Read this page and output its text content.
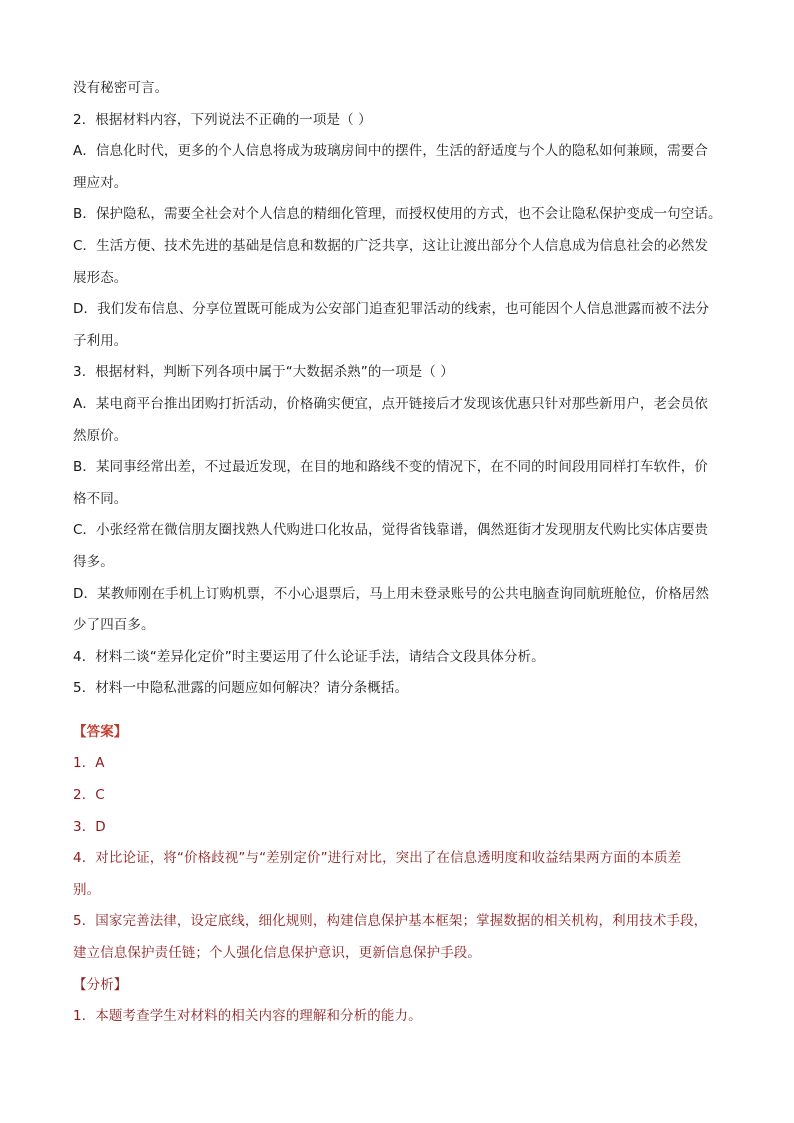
没有秘密可言。
2．根据材料内容，下列说法不正确的一项是（ ）
A．信息化时代，更多的个人信息将成为玻璃房间中的摆件，生活的舒适度与个人的隐私如何兼顾，需要合
理应对。
B．保护隐私，需要全社会对个人信息的精细化管理，而授权使用的方式，也不会让隐私保护变成一句空话。
C．生活方便、技术先进的基础是信息和数据的广泛共享，这让让渡出部分个人信息成为信息社会的必然发
展形态。
D．我们发布信息、分享位置既可能成为公安部门追查犯罪活动的线索，也可能因个人信息泄露而被不法分
子利用。
3．根据材料，判断下列各项中属于“大数据杀熟”的一项是（ ）
A．某电商平台推出团购打折活动，价格确实便宜，点开链接后才发现该优惠只针对那些新用户，老会员依
然原价。
B．某同事经常出差，不过最近发现，在目的地和路线不变的情况下，在不同的时间段用同样打车软件，价
格不同。
C．小张经常在微信朋友圈找熟人代购进口化妆品，觉得省钱靠谱，偶然逛街才发现朋友代购比实体店要贵
得多。
D．某教师刚在手机上订购机票，不小心退票后，马上用未登录账号的公共电脑查询同航班舱位，价格居然
少了四百多。
4．材料二谈“差异化定价”时主要运用了什么论证手法，请结合文段具体分析。
5．材料一中隐私泄露的问题应如何解决？请分条概括。
【答案】
1．A
2．C
3．D
4．对比论证，将“价格歧视”与“差别定价”进行对比，突出了在信息透明度和收益结果两方面的本质差
别。
5．国家完善法律，设定底线，细化规则，构建信息保护基本框架；掌握数据的相关机构，利用技术手段，
建立信息保护责任链；个人强化信息保护意识，更新信息保护手段。
【分析】
1．本题考查学生对材料的相关内容的理解和分析的能力。
